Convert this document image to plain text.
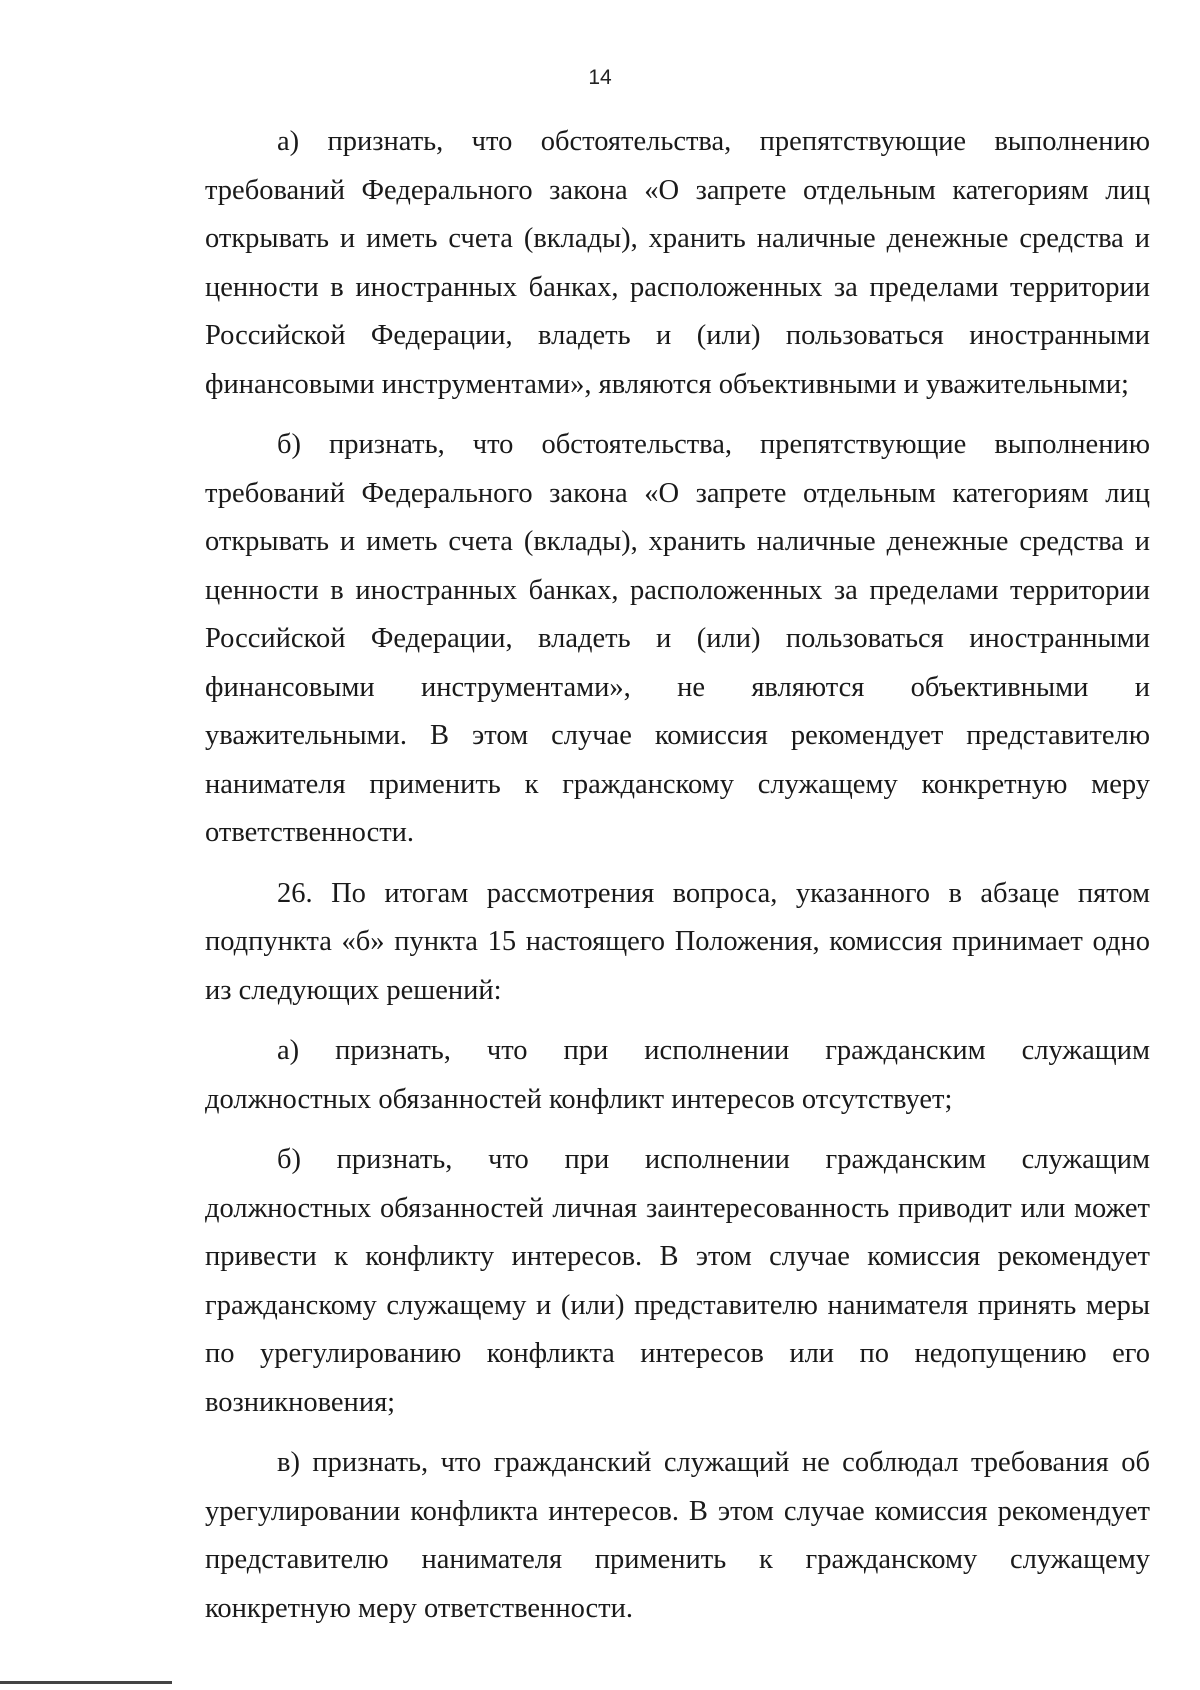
14

а) признать, что обстоятельства, препятствующие выполнению требований Федерального закона «О запрете отдельным категориям лиц открывать и иметь счета (вклады), хранить наличные денежные средства и ценности в иностранных банках, расположенных за пределами территории Российской Федерации, владеть и (или) пользоваться иностранными финансовыми инструментами», являются объективными и уважительными;

б) признать, что обстоятельства, препятствующие выполнению требований Федерального закона «О запрете отдельным категориям лиц открывать и иметь счета (вклады), хранить наличные денежные средства и ценности в иностранных банках, расположенных за пределами территории Российской Федерации, владеть и (или) пользоваться иностранными финансовыми инструментами», не являются объективными и уважительными. В этом случае комиссия рекомендует представителю нанимателя применить к гражданскому служащему конкретную меру ответственности.

26. По итогам рассмотрения вопроса, указанного в абзаце пятом подпункта «б» пункта 15 настоящего Положения, комиссия принимает одно из следующих решений:

а) признать, что при исполнении гражданским служащим должностных обязанностей конфликт интересов отсутствует;

б) признать, что при исполнении гражданским служащим должностных обязанностей личная заинтересованность приводит или может привести к конфликту интересов. В этом случае комиссия рекомендует гражданскому служащему и (или) представителю нанимателя принять меры по урегулированию конфликта интересов или по недопущению его возникновения;

в) признать, что гражданский служащий не соблюдал требования об урегулировании конфликта интересов. В этом случае комиссия рекомендует представителю нанимателя применить к гражданскому служащему конкретную меру ответственности.
